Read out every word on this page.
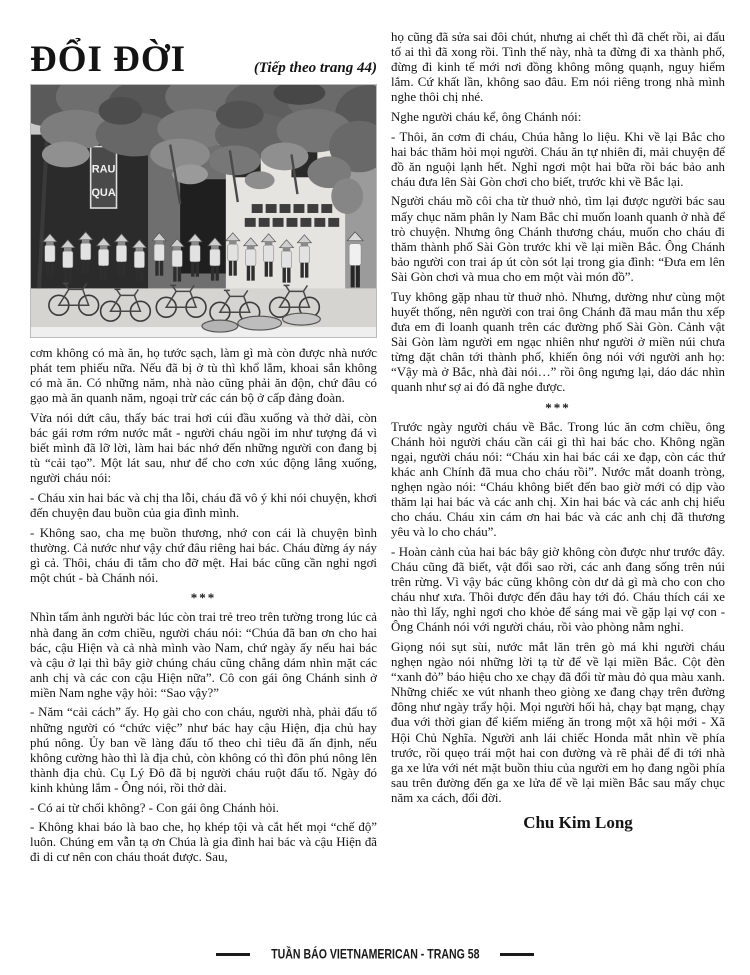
ĐỔI ĐỜI	(Tiếp theo trang 44)
RAU
QUA

cơm không có mà ăn, họ tước sạch, làm gì mà còn được nhà nước phát tem phiếu nữa. Nếu đã bị ở tù thì khổ lắm, khoai sắn không có mà ăn. Có những năm, nhà nào cũng phải ăn độn, chứ đâu có gạo mà ăn quanh năm, ngoại trừ các cán bộ ở cấp đảng đoàn.

Vừa nói dứt câu, thấy bác trai hơi cúi đầu xuống và thở dài, còn bác gái rơm rớm nước mắt - người cháu ngồi im như tượng đá vì biết mình đã lỡ lời, làm hai bác nhớ đến những người con đang bị tù “cải tạo”. Một lát sau, như để cho cơn xúc động lắng xuống, người cháu nói:

- Cháu xin hai bác và chị tha lỗi, cháu đã vô ý khi nói chuyện, khơi đến chuyện đau buồn của gia đình mình.

- Không sao, cha mẹ buồn thương, nhớ con cái là chuyện bình thường. Cả nước như vậy chứ đâu riêng hai bác. Cháu đừng áy náy gì cả. Thôi, cháu đi tắm cho đỡ mệt. Hai bác cũng cần nghỉ ngơi một chút - bà Chánh nói.

***

Nhìn tấm ảnh người bác lúc còn trai trẻ treo trên tường trong lúc cả nhà đang ăn cơm chiều, người cháu nói: “Chúa đã ban ơn cho hai bác, cậu Hiện và cả nhà mình vào Nam, chứ ngày ấy nếu hai bác và cậu ở lại thì bây giờ chúng cháu cũng chẳng dám nhìn mặt các anh chị và các con cậu Hiện nữa”. Cô con gái ông Chánh sinh ở miền Nam nghe vậy hỏi: “Sao vậy?”

- Năm “cải cách” ấy. Họ gài cho con cháu, người nhà, phải đấu tố những người có “chức việc” như bác hay cậu Hiện, địa chủ hay phú nông. Ủy ban về làng đấu tố theo chỉ tiêu đã ấn định, nếu không cường hào thì là địa chủ, còn không có thì đôn phú nông lên thành địa chủ. Cụ Lý Đô đã bị người cháu ruột đấu tố. Ngày đó kinh khủng lắm - Ông nói, rồi thở dài.

- Có ai từ chối không? - Con gái ông Chánh hỏi.

- Không khai báo là bao che, họ khép tội và cắt hết mọi “chế độ” luôn. Chúng em vẫn tạ ơn Chúa là gia đình hai bác và cậu Hiện đã đi di cư nên con cháu thoát được. Sau,

họ cũng đã sửa sai đôi chút, nhưng ai chết thì đã chết rồi, ai đấu tố ai thì đã xong rồi. Tình thế này, nhà ta đừng đi xa thành phố, đừng đi kinh tế mới nơi đồng không mông quạnh, nguy hiểm lắm. Cứ khất lần, không sao đâu. Em nói riêng trong nhà mình nghe thôi chị nhé.

Nghe người cháu kể, ông Chánh nói:

- Thôi, ăn cơm đi cháu, Chúa hằng lo liệu. Khi về lại Bắc cho hai bác thăm hỏi mọi người. Cháu ăn tự nhiên đi, mải chuyện để đồ ăn nguội lạnh hết. Nghỉ ngơi một hai bữa rồi bác bảo anh cháu đưa lên Sài Gòn chơi cho biết, trước khi về Bắc lại.

Người cháu mồ côi cha từ thuở nhỏ, tìm lại được người bác sau mấy chục năm phân ly Nam Bắc chỉ muốn loanh quanh ở nhà để trò chuyện. Nhưng ông Chánh thương cháu, muốn cho cháu đi thăm thành phố Sài Gòn trước khi về lại miền Bắc. Ông Chánh bảo người con trai áp út còn sót lại trong gia đình: “Đưa em lên Sài Gòn chơi và mua cho em một vài món đồ”.

Tuy không gặp nhau từ thuở nhỏ. Nhưng, dường như cùng một huyết thống, nên người con trai ông Chánh đã mau mắn thu xếp đưa em đi loanh quanh trên các đường phố Sài Gòn. Cảnh vật Sài Gòn làm người em ngạc nhiên như người ở miền núi chưa từng đặt chân tới thành phố, khiến ông nói với người anh họ: “Vậy mà ở Bắc, nhà đài nói…” rồi ông ngưng lại, dáo dác nhìn quanh như sợ ai đó đã nghe được.

***

Trước ngày người cháu về Bắc. Trong lúc ăn cơm chiều, ông Chánh hỏi người cháu cần cái gì thì hai bác cho. Không ngần ngại, người cháu nói: “Cháu xin hai bác cái xe đạp, còn các thứ khác anh Chính đã mua cho cháu rồi”. Nước mắt doanh tròng, nghẹn ngào nói: “Cháu không biết đến bao giờ mới có dịp vào thăm lại hai bác và các anh chị. Xin hai bác và các anh chị hiểu cho cháu. Cháu xin cám ơn hai bác và các anh chị đã thương yêu và lo cho cháu”.

- Hoàn cảnh của hai bác bây giờ không còn được như trước đây. Cháu cũng đã biết, vật đổi sao rời, các anh đang sống trên núi trên rừng. Vì vậy bác cũng không còn dư dả gì mà cho con cho cháu như xưa. Thôi được đến đâu hay tới đó. Cháu thích cái xe nào thì lấy, nghỉ ngơi cho khỏe để sáng mai về gặp lại vợ con - Ông Chánh nói với người cháu, rồi vào phòng nằm nghỉ.

Giọng nói sụt sùi, nước mắt lăn trên gò má khi người cháu nghẹn ngào nói những lời tạ từ để về lại miền Bắc. Cột đèn “xanh đỏ” báo hiệu cho xe chạy đã đổi từ màu đỏ qua màu xanh. Những chiếc xe vút nhanh theo giòng xe đang chạy trên đường đông như ngày trẩy hội. Mọi người hối hả, chạy bạt mạng, chạy đua với thời gian để kiếm miếng ăn trong một xã hội mới - Xã Hội Chủ Nghĩa. Người anh lái chiếc Honda mắt nhìn về phía trước, rồi quẹo trái một hai con đường và rẽ phải để đi tới nhà ga xe lửa với nét mặt buồn thiu của người em họ đang ngồi phía sau trên đường đến ga xe lửa để về lại miền Bắc sau mấy chục năm xa cách, đổi đời.

Chu Kim Long
TUẦN BÁO VIETNAMERICAN - TRANG 58
